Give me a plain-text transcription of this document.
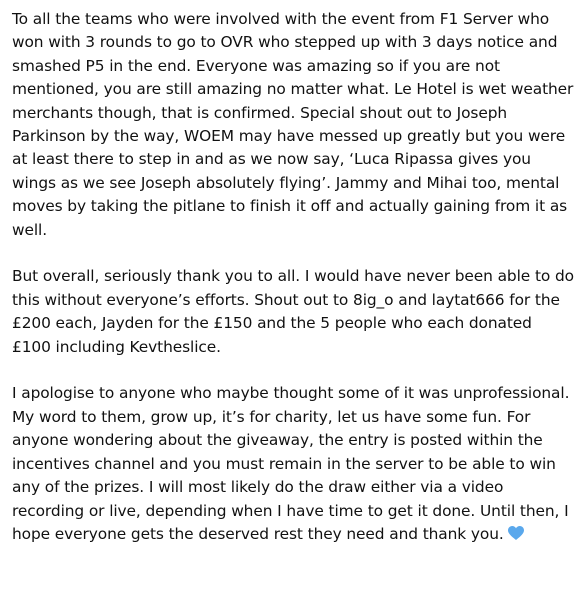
To all the teams who were involved with the event from F1 Server who won with 3 rounds to go to OVR who stepped up with 3 days notice and smashed P5 in the end. Everyone was amazing so if you are not mentioned, you are still amazing no matter what. Le Hotel is wet weather merchants though, that is confirmed. Special shout out to Joseph Parkinson by the way, WOEM may have messed up greatly but you were at least there to step in and as we now say, ‘Luca Ripassa gives you wings as we see Joseph absolutely flying’. Jammy and Mihai too, mental moves by taking the pitlane to finish it off and actually gaining from it as well.

But overall, seriously thank you to all. I would have never been able to do this without everyone’s efforts. Shout out to 8ig_o and laytat666 for the £200 each, Jayden for the £150 and the 5 people who each donated £100 including Kevtheslice.

I apologise to anyone who maybe thought some of it was unprofessional. My word to them, grow up, it’s for charity, let us have some fun. For anyone wondering about the giveaway, the entry is posted within the incentives channel and you must remain in the server to be able to win any of the prizes. I will most likely do the draw either via a video recording or live, depending when I have time to get it done. Until then, I hope everyone gets the deserved rest they need and thank you.
